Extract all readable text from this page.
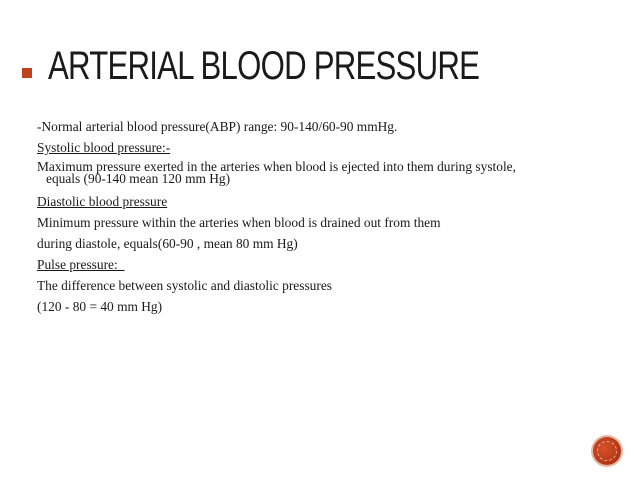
ARTERIAL BLOOD PRESSURE
-Normal arterial blood pressure(ABP) range: 90-140/60-90 mmHg.
Systolic blood pressure:-
Maximum pressure exerted in the arteries when blood is ejected into them during systole,
equals (90-140 mean 120 mm Hg)
Diastolic blood pressure
Minimum pressure within the arteries when blood is drained out from them
during diastole, equals(60-90 , mean 80 mm Hg)
Pulse pressure:_
The difference between systolic and diastolic pressures
(120 - 80 = 40 mm Hg)
